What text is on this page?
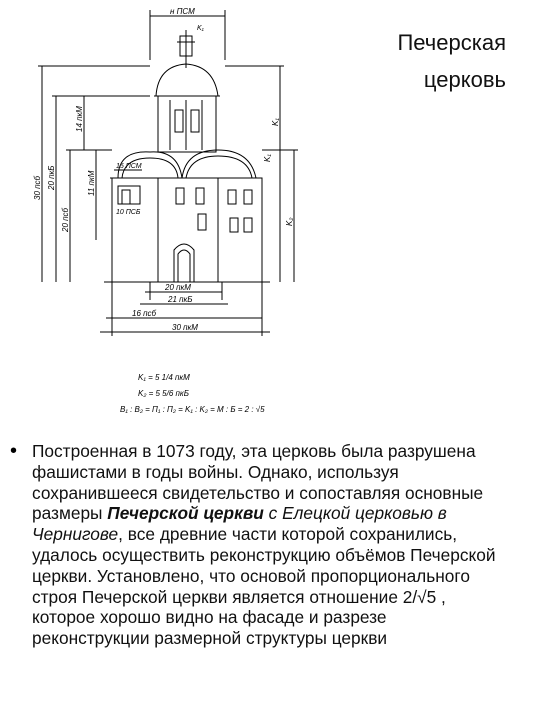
Печерская
церковь
н ПСМ
K₁
30 псб 20 пкБ
20 псб
14 пкМ
11 пкМ
15 ПСМ
10 ПСБ
K₁
K₂
K₁
20 пкМ
21 пкБ
16 псб
30 пкМ
K₁ = 5 1/4 пкМ
K₂ = 5 5/6 пкБ
B₁ : B₂ = П₁ : П₂ = K₁ : K₂ = M : Б = 2 : √5
• Построенная в 1073 году, эта церковь была разрушена фашистами в годы войны. Однако, используя сохранившееся свидетельство и сопоставляя основные размеры Печерской церкви с Елецкой церковью в Чернигове, все древние части которой сохранились, удалось осуществить реконструкцию объёмов Печерской церкви. Установлено, что основой пропорционального строя Печерской церкви является отношение 2/√5 , которое хорошо видно на фасаде и разрезе реконструкции размерной структуры церкви
